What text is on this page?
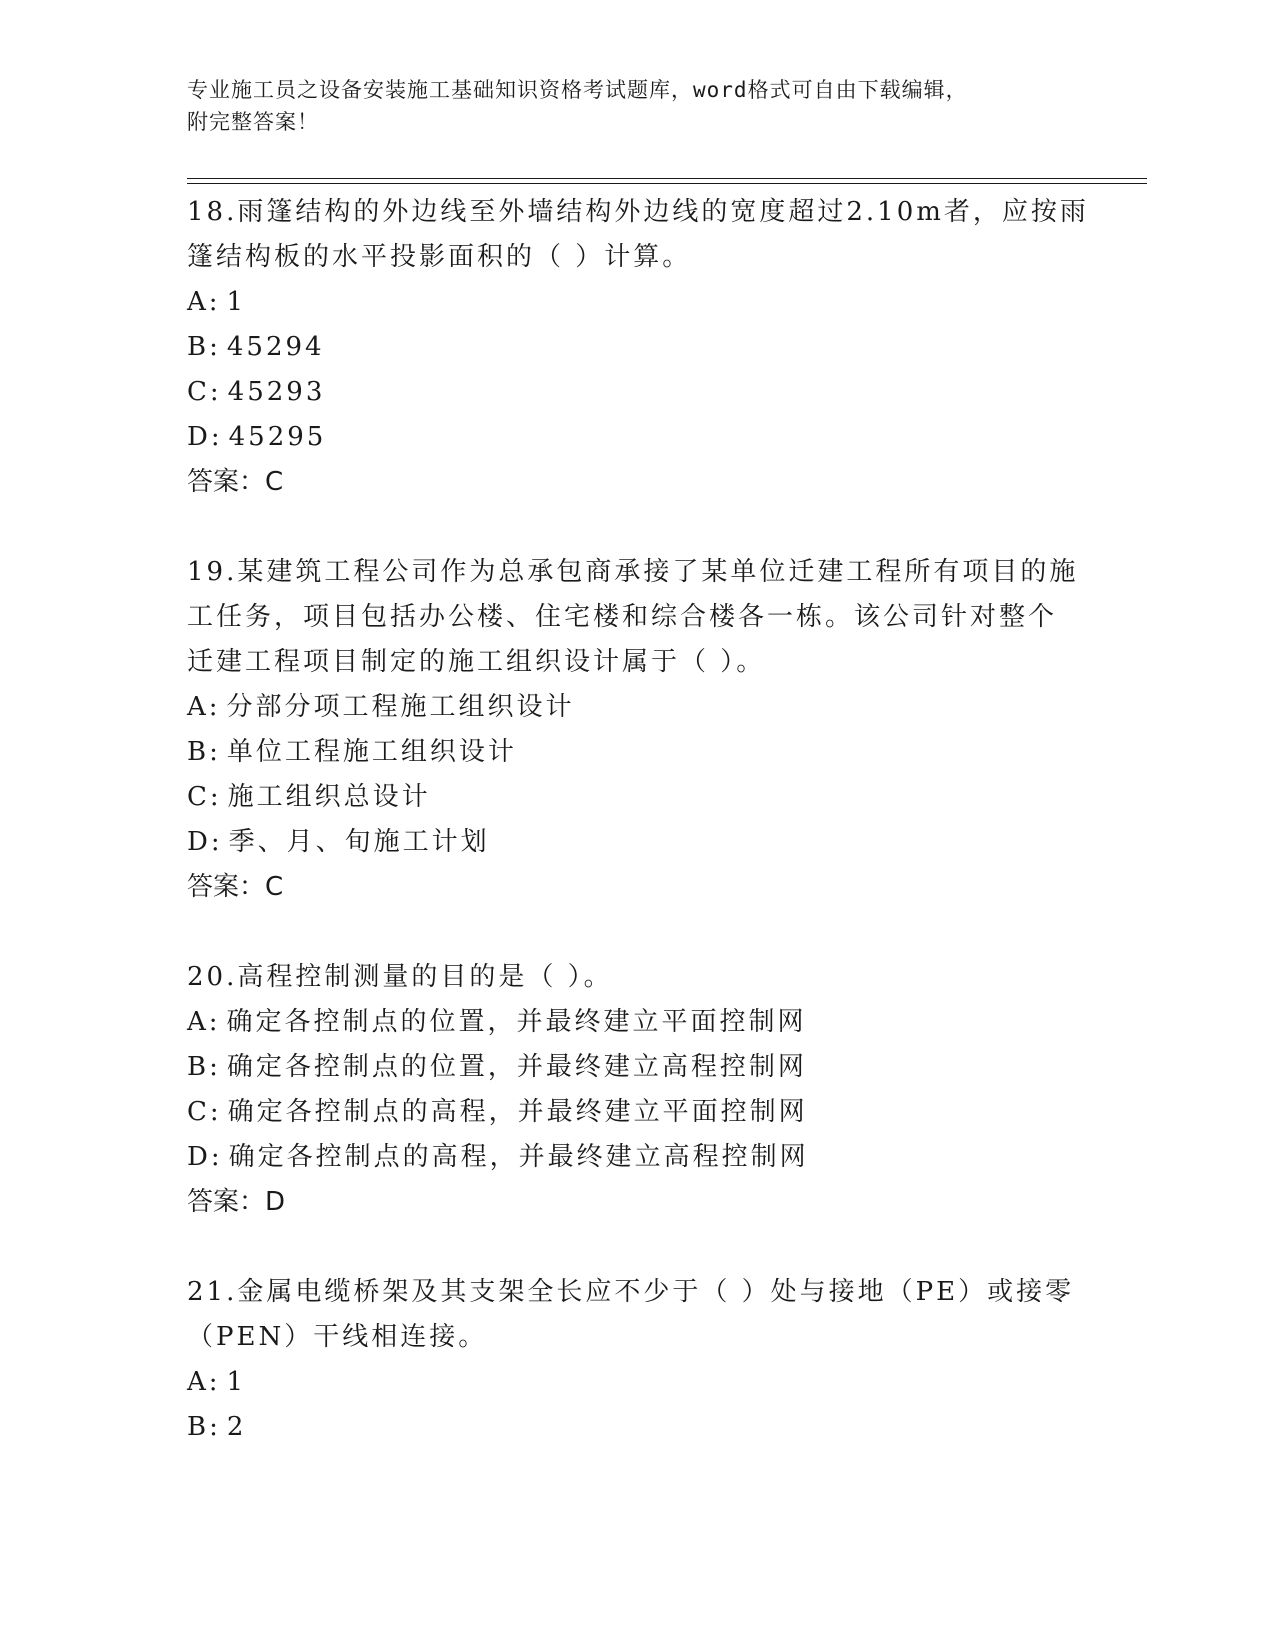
专业施工员之设备安装施工基础知识资格考试题库，word格式可自由下载编辑，
附完整答案！
18.雨篷结构的外边线至外墙结构外边线的宽度超过2.10m者，应按雨
篷结构板的水平投影面积的（ ）计算。
A: 1
B: 45294
C: 45293
D: 45295
答案：C
19.某建筑工程公司作为总承包商承接了某单位迁建工程所有项目的施
工任务，项目包括办公楼、住宅楼和综合楼各一栋。该公司针对整个
迁建工程项目制定的施工组织设计属于（ ）。
A: 分部分项工程施工组织设计
B: 单位工程施工组织设计
C: 施工组织总设计
D: 季、月、旬施工计划
答案：C
20.高程控制测量的目的是（ ）。
A: 确定各控制点的位置，并最终建立平面控制网
B: 确定各控制点的位置，并最终建立高程控制网
C: 确定各控制点的高程，并最终建立平面控制网
D: 确定各控制点的高程，并最终建立高程控制网
答案：D
21.金属电缆桥架及其支架全长应不少于（ ）处与接地（PE）或接零
（PEN）干线相连接。
A: 1
B: 2
